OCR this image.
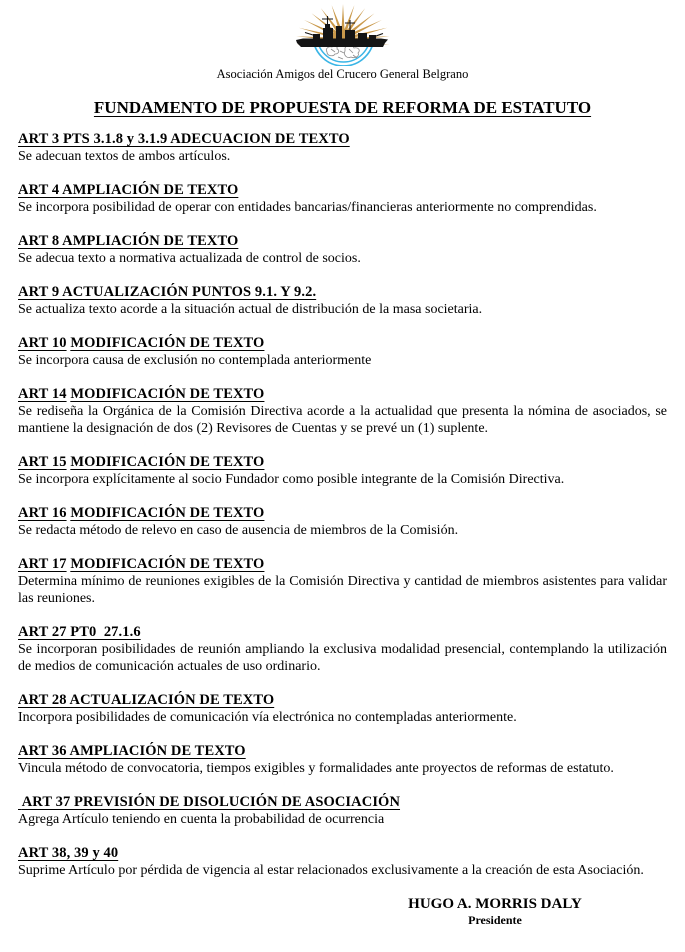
Asociación Amigos del Crucero General Belgrano

FUNDAMENTO DE PROPUESTA DE REFORMA DE ESTATUTO

ART 3 PTS 3.1.8 y 3.1.9 ADECUACION DE TEXTO

Se adecuan textos de ambos artículos.

ART 4 AMPLIACIÓN DE TEXTO

Se incorpora posibilidad de operar con entidades bancarias/financieras anteriormente no comprendidas.

ART 8 AMPLIACIÓN DE TEXTO

Se adecua texto a normativa actualizada de control de socios.

ART 9 ACTUALIZACIÓN PUNTOS 9.1. Y 9.2.

Se actualiza texto acorde a la situación actual de distribución de la masa societaria.

ART 10 MODIFICACIÓN DE TEXTO

Se incorpora causa de exclusión no contemplada anteriormente

ART 14 MODIFICACIÓN DE TEXTO

Se rediseña la Orgánica de la Comisión Directiva acorde a la actualidad que presenta la nómina de asociados, se mantiene la designación de dos (2) Revisores de Cuentas y se prevé un (1) suplente.

ART 15 MODIFICACIÓN DE TEXTO

Se incorpora explícitamente al socio Fundador como posible integrante de la Comisión Directiva.

ART 16 MODIFICACIÓN DE TEXTO

Se redacta método de relevo en caso de ausencia de miembros de la Comisión.

ART 17 MODIFICACIÓN DE TEXTO

Determina mínimo de reuniones exigibles de la Comisión Directiva y cantidad de miembros asistentes para validar las reuniones.

ART 27 PT0  27.1.6

Se incorporan posibilidades de reunión ampliando la exclusiva modalidad presencial, contemplando la utilización de medios de comunicación actuales de uso ordinario.

ART 28 ACTUALIZACIÓN DE TEXTO

Incorpora posibilidades de comunicación vía electrónica no contempladas anteriormente.

ART 36 AMPLIACIÓN DE TEXTO

Vincula método de convocatoria, tiempos exigibles y formalidades ante proyectos de reformas de estatuto.

ART 37 PREVISIÓN DE DISOLUCIÓN DE ASOCIACIÓN

Agrega Artículo teniendo en cuenta la probabilidad de ocurrencia

ART 38, 39 y 40

Suprime Artículo por pérdida de vigencia al estar relacionados exclusivamente a la creación de esta Asociación.

HUGO A. MORRIS DALY

Presidente
